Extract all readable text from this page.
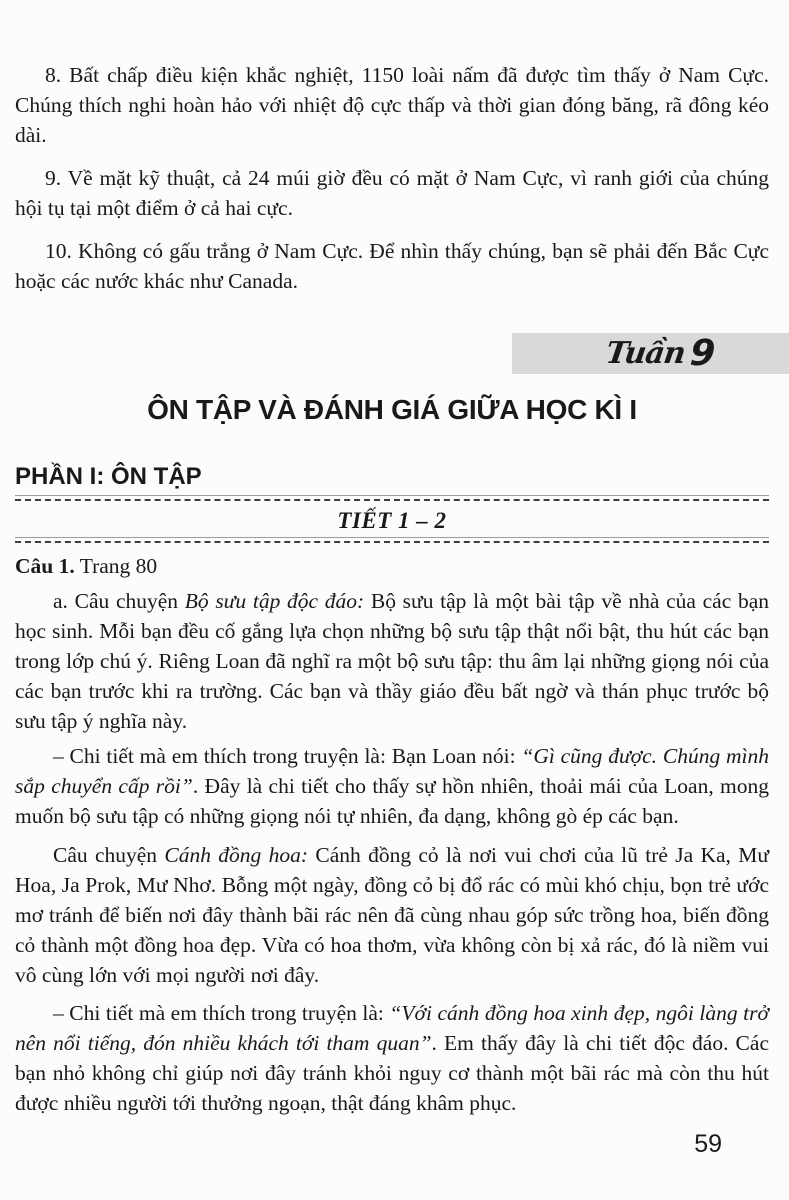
8. Bất chấp điều kiện khắc nghiệt, 1150 loài nấm đã được tìm thấy ở Nam Cực. Chúng thích nghi hoàn hảo với nhiệt độ cực thấp và thời gian đóng băng, rã đông kéo dài.

9. Về mặt kỹ thuật, cả 24 múi giờ đều có mặt ở Nam Cực, vì ranh giới của chúng hội tụ tại một điểm ở cả hai cực.

10. Không có gấu trắng ở Nam Cực. Để nhìn thấy chúng, bạn sẽ phải đến Bắc Cực hoặc các nước khác như Canada.

Tuần 9
ÔN TẬP VÀ ĐÁNH GIÁ GIỮA HỌC KÌ I
PHẦN I: ÔN TẬP
TIẾT 1 – 2

Câu 1. Trang 80

a. Câu chuyện Bộ sưu tập độc đáo: Bộ sưu tập là một bài tập về nhà của các bạn học sinh. Mỗi bạn đều cố gắng lựa chọn những bộ sưu tập thật nổi bật, thu hút các bạn trong lớp chú ý. Riêng Loan đã nghĩ ra một bộ sưu tập: thu âm lại những giọng nói của các bạn trước khi ra trường. Các bạn và thầy giáo đều bất ngờ và thán phục trước bộ sưu tập ý nghĩa này.

– Chi tiết mà em thích trong truyện là: Bạn Loan nói: “Gì cũng được. Chúng mình sắp chuyển cấp rồi”. Đây là chi tiết cho thấy sự hồn nhiên, thoải mái của Loan, mong muốn bộ sưu tập có những giọng nói tự nhiên, đa dạng, không gò ép các bạn.

Câu chuyện Cánh đồng hoa: Cánh đồng cỏ là nơi vui chơi của lũ trẻ Ja Ka, Mư Hoa, Ja Prok, Mư Nhơ. Bỗng một ngày, đồng cỏ bị đổ rác có mùi khó chịu, bọn trẻ ước mơ tránh để biến nơi đây thành bãi rác nên đã cùng nhau góp sức trồng hoa, biến đồng cỏ thành một đồng hoa đẹp. Vừa có hoa thơm, vừa không còn bị xả rác, đó là niềm vui vô cùng lớn với mọi người nơi đây.

– Chi tiết mà em thích trong truyện là: “Với cánh đồng hoa xinh đẹp, ngôi làng trở nên nổi tiếng, đón nhiều khách tới tham quan”. Em thấy đây là chi tiết độc đáo. Các bạn nhỏ không chỉ giúp nơi đây tránh khỏi nguy cơ thành một bãi rác mà còn thu hút được nhiều người tới thưởng ngoạn, thật đáng khâm phục.

59
